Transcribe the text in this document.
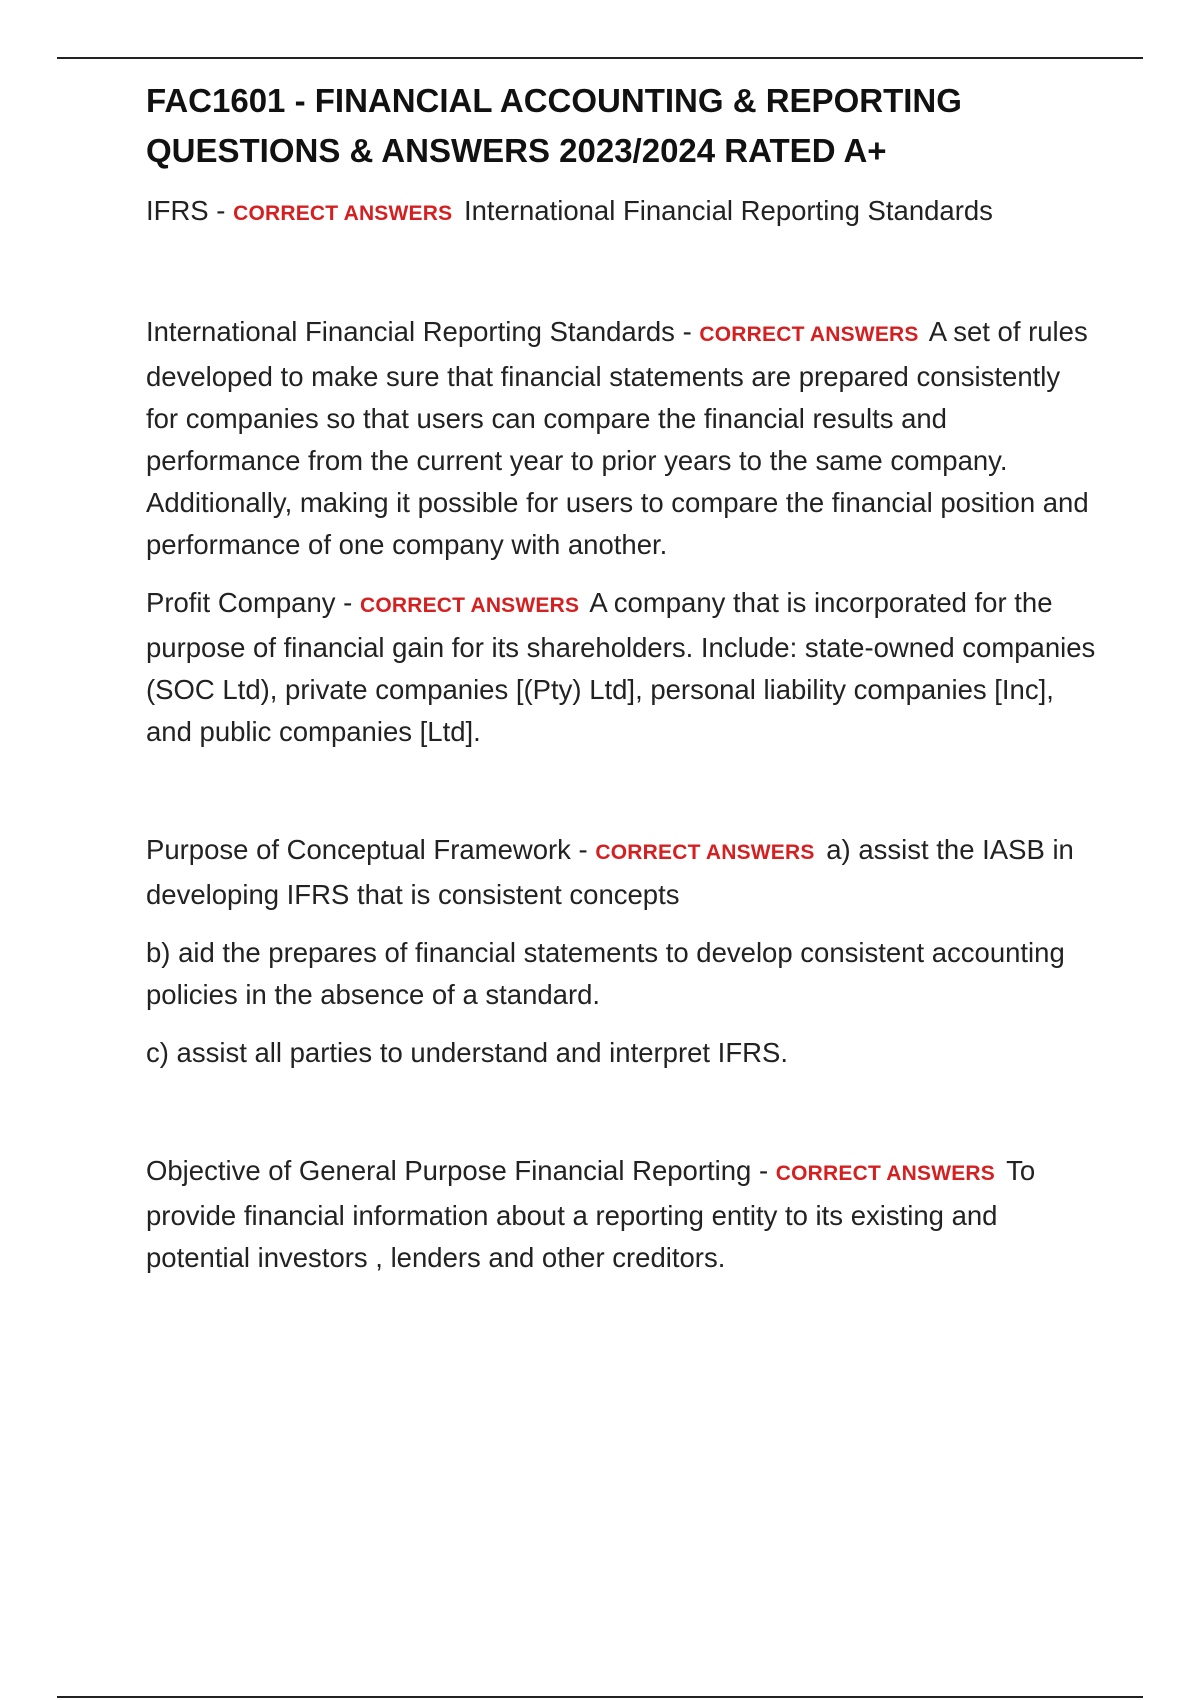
FAC1601 - FINANCIAL ACCOUNTING & REPORTING
QUESTIONS & ANSWERS 2023/2024 RATED A+

IFRS - CORRECT ANSWERS International Financial Reporting Standards

International Financial Reporting Standards - CORRECT ANSWERS A set of rules developed to make sure that financial statements are prepared consistently for companies so that users can compare the financial results and performance from the current year to prior years to the same company. Additionally, making it possible for users to compare the financial position and performance of one company with another.

Profit Company - CORRECT ANSWERS A company that is incorporated for the purpose of financial gain for its shareholders. Include: state-owned companies (SOC Ltd), private companies [(Pty) Ltd], personal liability companies [Inc], and public companies [Ltd].

Purpose of Conceptual Framework - CORRECT ANSWERS a) assist the IASB in developing IFRS that is consistent concepts

b) aid the prepares of financial statements to develop consistent accounting policies in the absence of a standard.

c) assist all parties to understand and interpret IFRS.

Objective of General Purpose Financial Reporting - CORRECT ANSWERS To provide financial information about a reporting entity to its existing and potential investors , lenders and other creditors.
